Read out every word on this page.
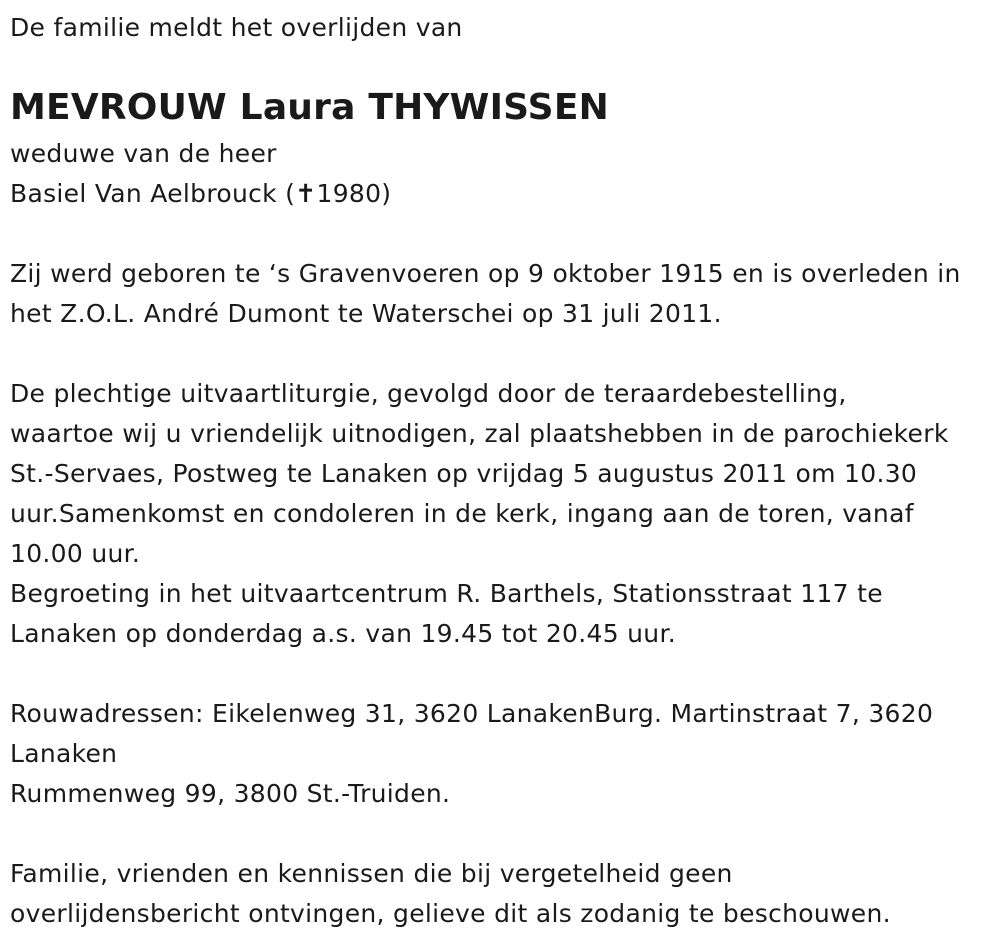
De familie meldt het overlijden van
MEVROUW Laura THYWISSEN
weduwe van de heer
Basiel Van Aelbrouck (✝1980)
Zij werd geboren te ‘s Gravenvoeren op 9 oktober 1915 en is overleden in
het Z.O.L. André Dumont te Waterschei op 31 juli 2011.
De plechtige uitvaartliturgie, gevolgd door de teraardebestelling,
waartoe wij u vriendelijk uitnodigen, zal plaatshebben in de parochiekerk
St.-Servaes, Postweg te Lanaken op vrijdag 5 augustus 2011 om 10.30
uur.Samenkomst en condoleren in de kerk, ingang aan de toren, vanaf
10.00 uur.
Begroeting in het uitvaartcentrum R. Barthels, Stationsstraat 117 te
Lanaken op donderdag a.s. van 19.45 tot 20.45 uur.
Rouwadressen: Eikelenweg 31, 3620 LanakenBurg. Martinstraat 7, 3620
Lanaken
Rummenweg 99, 3800 St.-Truiden.
Familie, vrienden en kennissen die bij vergetelheid geen
overlijdensbericht ontvingen, gelieve dit als zodanig te beschouwen.
